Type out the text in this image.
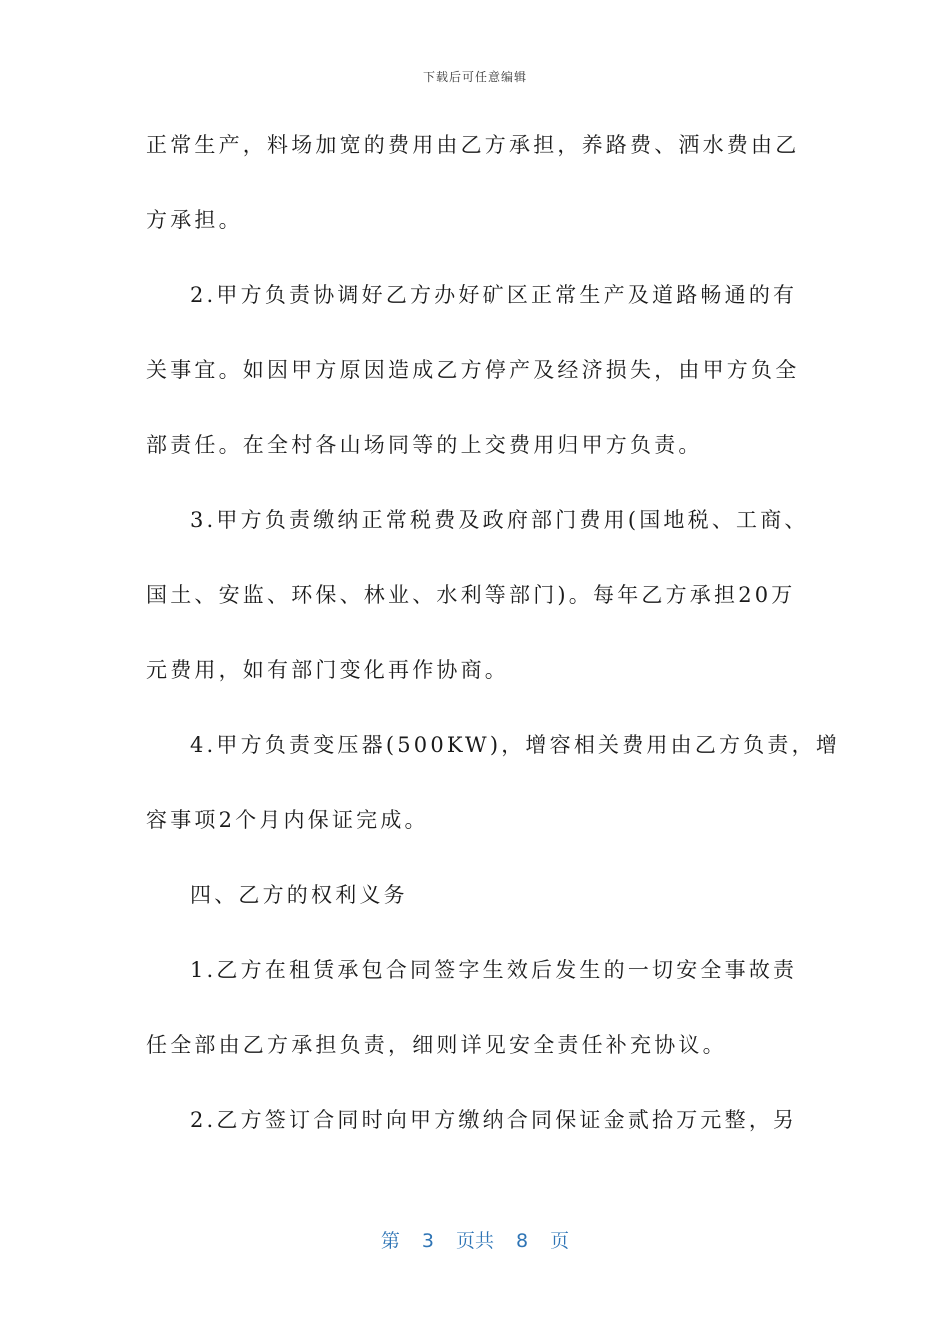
下载后可任意编辑
正常生产，料场加宽的费用由乙方承担，养路费、洒水费由乙
方承担。
2.甲方负责协调好乙方办好矿区正常生产及道路畅通的有
关事宜。如因甲方原因造成乙方停产及经济损失，由甲方负全
部责任。在全村各山场同等的上交费用归甲方负责。
3.甲方负责缴纳正常税费及政府部门费用(国地税、工商、
国土、安监、环保、林业、水利等部门)。每年乙方承担20万
元费用，如有部门变化再作协商。
4.甲方负责变压器(500KW)，增容相关费用由乙方负责，增
容事项2个月内保证完成。
四、乙方的权利义务
1.乙方在租赁承包合同签字生效后发生的一切安全事故责
任全部由乙方承担负责，细则详见安全责任补充协议。
2.乙方签订合同时向甲方缴纳合同保证金贰拾万元整，另
第 3 页共 8 页
